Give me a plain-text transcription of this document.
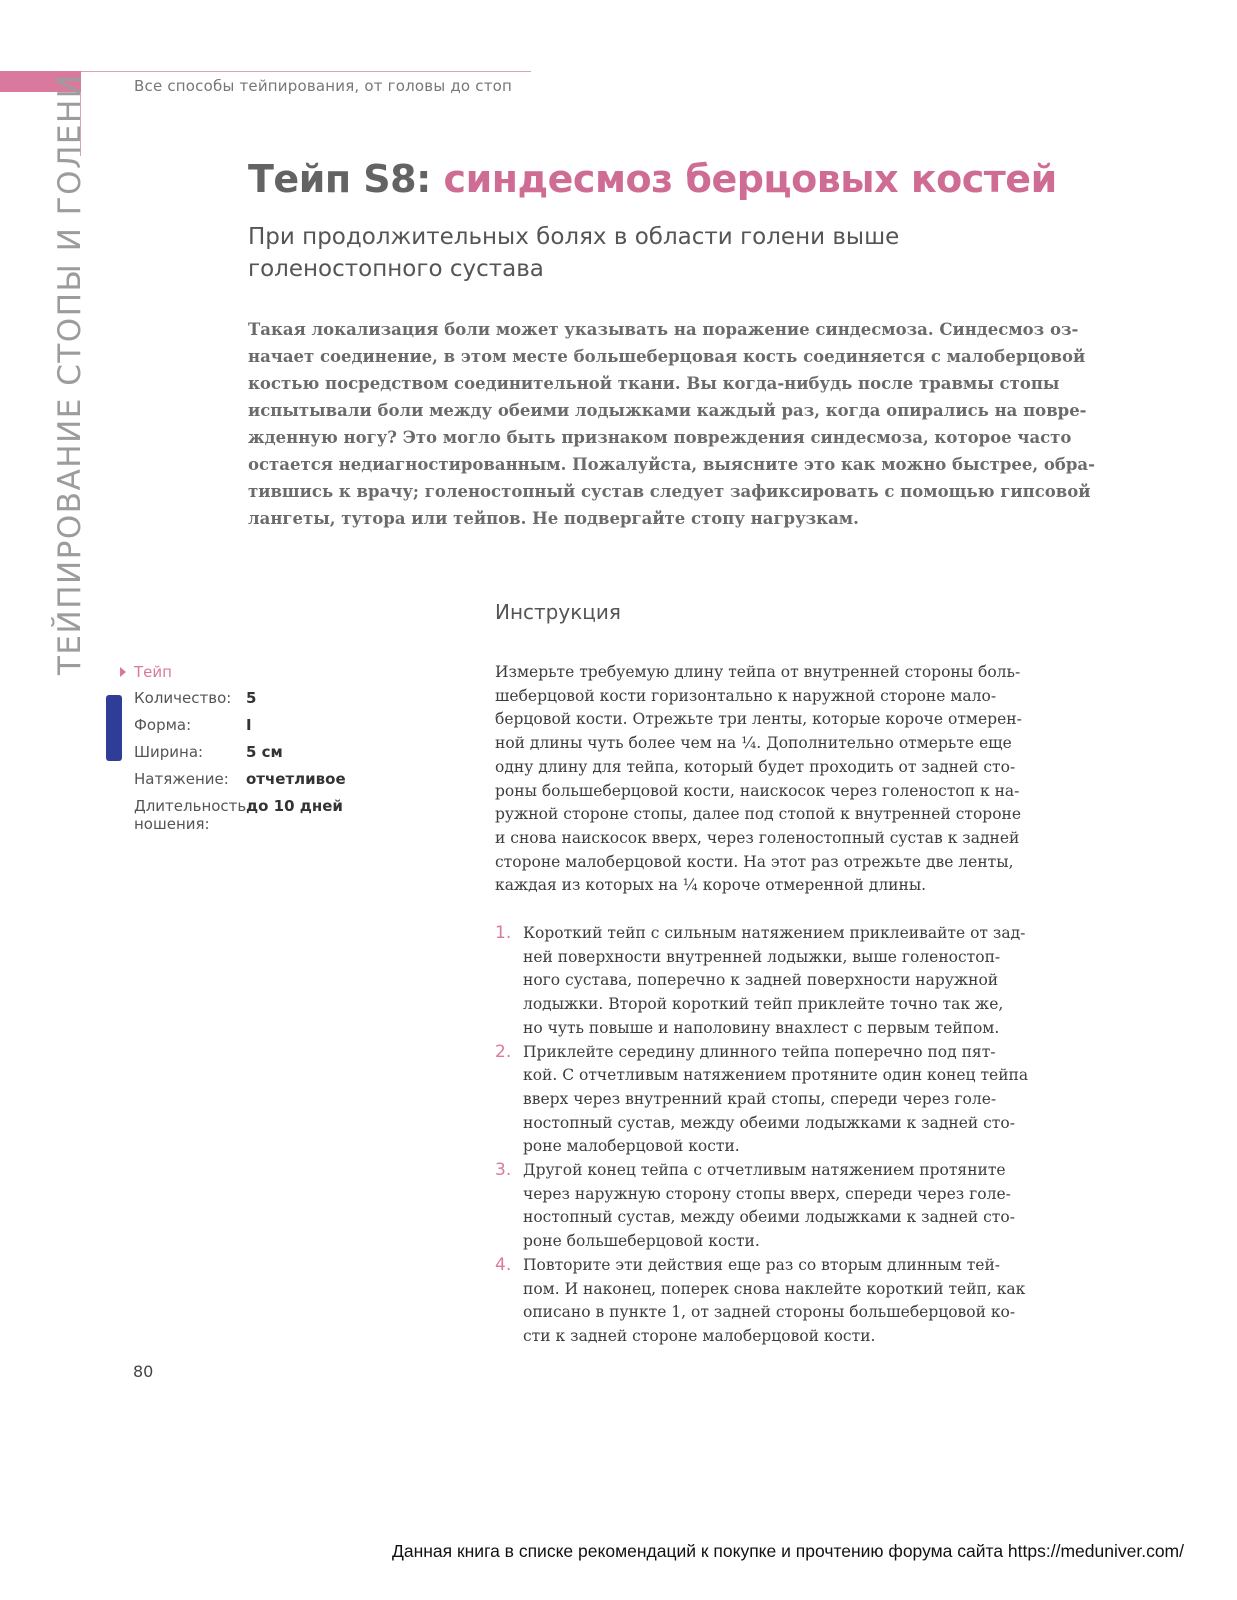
Все способы тейпирования, от головы до стоп
ТЕЙПИРОВАНИЕ СТОПЫ И ГОЛЕНИ	Тейп S8: синдесмоз берцовых костей
При продолжительных болях в области голени выше
голеностопного сустава
Такая локализация боли может указывать на поражение синдесмоза. Синдесмоз оз-
начает соединение, в этом месте большеберцовая кость соединяется с малоберцовой
костью посредством соединительной ткани. Вы когда-нибудь после травмы стопы
испытывали боли между обеими лодыжками каждый раз, когда опирались на повре-
жденную ногу? Это могло быть признаком повреждения синдесмоза, которое часто
остается недиагностированным. Пожалуйста, выясните это как можно быстрее, обра-
тившись к врачу; голеностопный сустав следует зафиксировать с помощью гипсовой
лангеты, тутора или тейпов. Не подвергайте стопу нагрузкам.
Инструкция
Тейп
Количество: 5
Форма:	I
Ширина:	5 см
Натяжение:	отчетливое
Длительность
ношения:
до 10 дней
Измерьте требуемую длину тейпа от внутренней стороны боль-
шеберцовой кости горизонтально к наружной стороне мало-
берцовой кости. Отрежьте три ленты, которые короче отмерен-
ной длины чуть более чем на ¼. Дополнительно отмерьте еще
одну длину для тейпа, который будет проходить от задней сто-
роны большеберцовой кости, наискосок через голеностоп к на-
ружной стороне стопы, далее под стопой к внутренней стороне
и снова наискосок вверх, через голеностопный сустав к задней
стороне малоберцовой кости. На этот раз отрежьте две ленты,
каждая из которых на ¼ короче отмеренной длины.
1. Короткий тейп с сильным натяжением приклеивайте от зад-
ней поверхности внутренней лодыжки, выше голеностоп-
ного сустава, поперечно к задней поверхности наружной
лодыжки. Второй короткий тейп приклейте точно так же,
но чуть повыше и наполовину внахлест с первым тейпом.
2. Приклейте середину длинного тейпа поперечно под пят-
кой. С отчетливым натяжением протяните один конец тейпа
вверх через внутренний край стопы, спереди через голе-
ностопный сустав, между обеими лодыжками к задней сто-
роне малоберцовой кости.
3. Другой конец тейпа с отчетливым натяжением протяните
через наружную сторону стопы вверх, спереди через голе-
ностопный сустав, между обеими лодыжками к задней сто-
роне большеберцовой кости.
4. Повторите эти действия еще раз со вторым длинным тей-
пом. И наконец, поперек снова наклейте короткий тейп, как
описано в пункте 1, от задней стороны большеберцовой ко-
сти к задней стороне малоберцовой кости.
80
Данная книга в списке рекомендаций к покупке и прочтению форума сайта https://meduniver.com/
